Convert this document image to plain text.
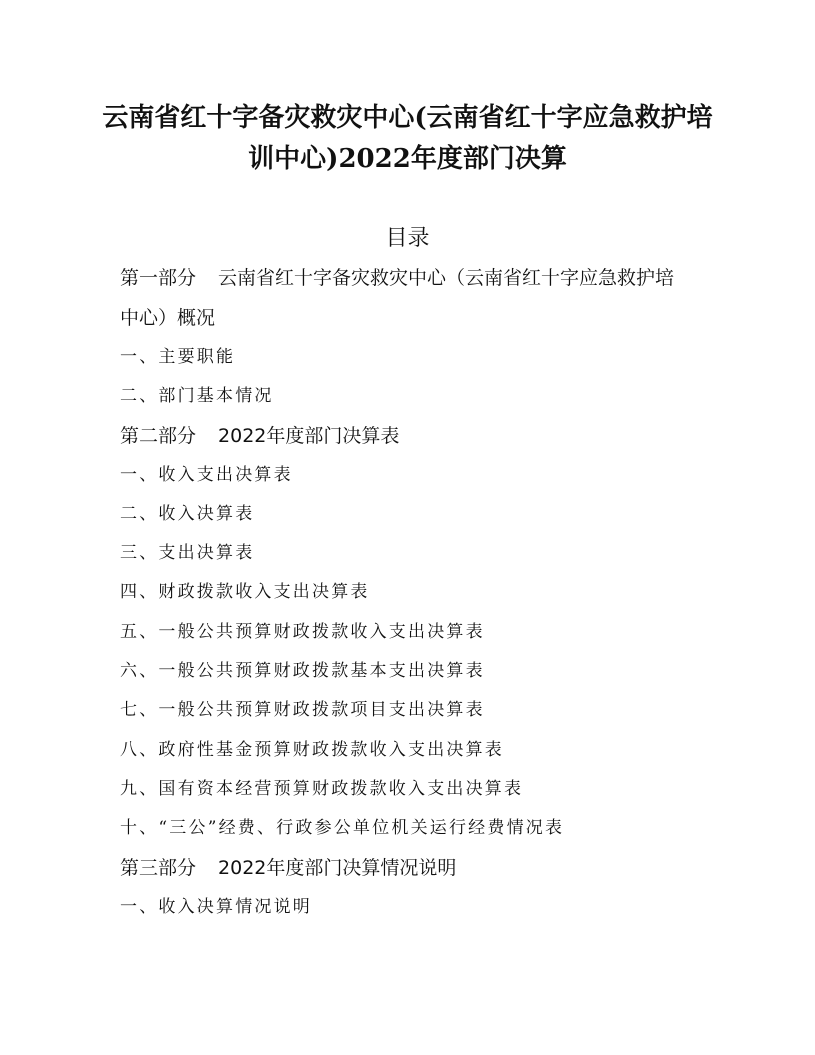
云南省红十字备灾救灾中心(云南省红十字应急救护培
训中心)2022年度部门决算
目录
第一部分 云南省红十字备灾救灾中心（云南省红十字应急救护培
中心）概况
一、主要职能
二、部门基本情况
第二部分 2022年度部门决算表
一、收入支出决算表
二、收入决算表
三、支出决算表
四、财政拨款收入支出决算表
五、一般公共预算财政拨款收入支出决算表
六、一般公共预算财政拨款基本支出决算表
七、一般公共预算财政拨款项目支出决算表
八、政府性基金预算财政拨款收入支出决算表
九、国有资本经营预算财政拨款收入支出决算表
十、“三公”经费、行政参公单位机关运行经费情况表
第三部分 2022年度部门决算情况说明
一、收入决算情况说明
